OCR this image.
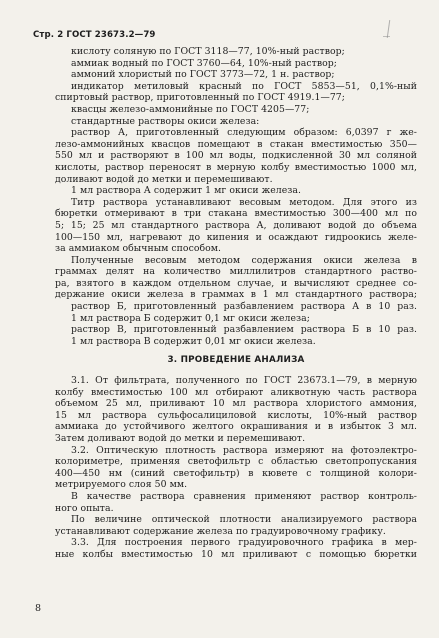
Стр. 2 ГОСТ 23673.2—79
кислоту соляную по ГОСТ 3118—77, 10%-ный раствор;
аммиак водный по ГОСТ 3760—64, 10%-ный раствор;
аммоний хлористый по ГОСТ 3773—72, 1 н. раствор;
индикатор метиловый красный по ГОСТ 5853—51, 0,1%-ный
спиртовый раствор, приготовленный по ГОСТ 4919.1—77;
квасцы железо-аммонийные по ГОСТ 4205—77;
стандартные растворы окиси железа:
раствор А, приготовленный следующим образом: 6,0397 г же-
лезо-аммонийных квасцов помещают в стакан вместимостью 350—
550 мл и растворяют в 100 мл воды, подкисленной 30 мл соляной
кислоты, раствор переносят в мерную колбу вместимостью 1000 мл,
доливают водой до метки и перемешивают.
1 мл раствора А содержит 1 мг окиси железа.
Титр раствора устанавливают весовым методом. Для этого из
бюретки отмеривают в три стакана вместимостью 300—400 мл по
5; 15; 25 мл стандартного раствора А, доливают водой до объема
100—150 мл, нагревают до кипения и осаждают гидроокись желе-
за аммиаком обычным способом.
Полученные весовым методом содержания окиси железа в
граммах делят на количество миллилитров стандартного раство-
ра, взятого в каждом отдельном случае, и вычисляют среднее со-
держание окиси железа в граммах в 1 мл стандартного раствора;
раствор Б, приготовленный разбавлением раствора А в 10 раз.
1 мл раствора Б содержит 0,1 мг окиси железа;
раствор В, приготовленный разбавлением раствора Б в 10 раз.
1 мл раствора В содержит 0,01 мг окиси железа.
3. ПРОВЕДЕНИЕ АНАЛИЗА
3.1. От фильтрата, полученного по ГОСТ 23673.1—79, в мерную
колбу вместимостью 100 мл отбирают аликвотную часть раствора
объемом 25 мл, приливают 10 мл раствора хлористого аммония,
15 мл раствора сульфосалициловой кислоты, 10%-ный раствор
аммиака до устойчивого желтого окрашивания и в избыток 3 мл.
Затем доливают водой до метки и перемешивают.
3.2. Оптическую плотность раствора измеряют на фотоэлектро-
колориметре, применяя светофильтр с областью светопропускания
400—450 нм (синий светофильтр) в кювете с толщиной колори-
метрируемого слоя 50 мм.
В качестве раствора сравнения применяют раствор контроль-
ного опыта.
По величине оптической плотности анализируемого раствора
устанавливают содержание железа по градуировочному графику.
3.3. Для построения первого градуировочного графика в мер-
ные колбы вместимостью 10 мл приливают с помощью бюретки
8
